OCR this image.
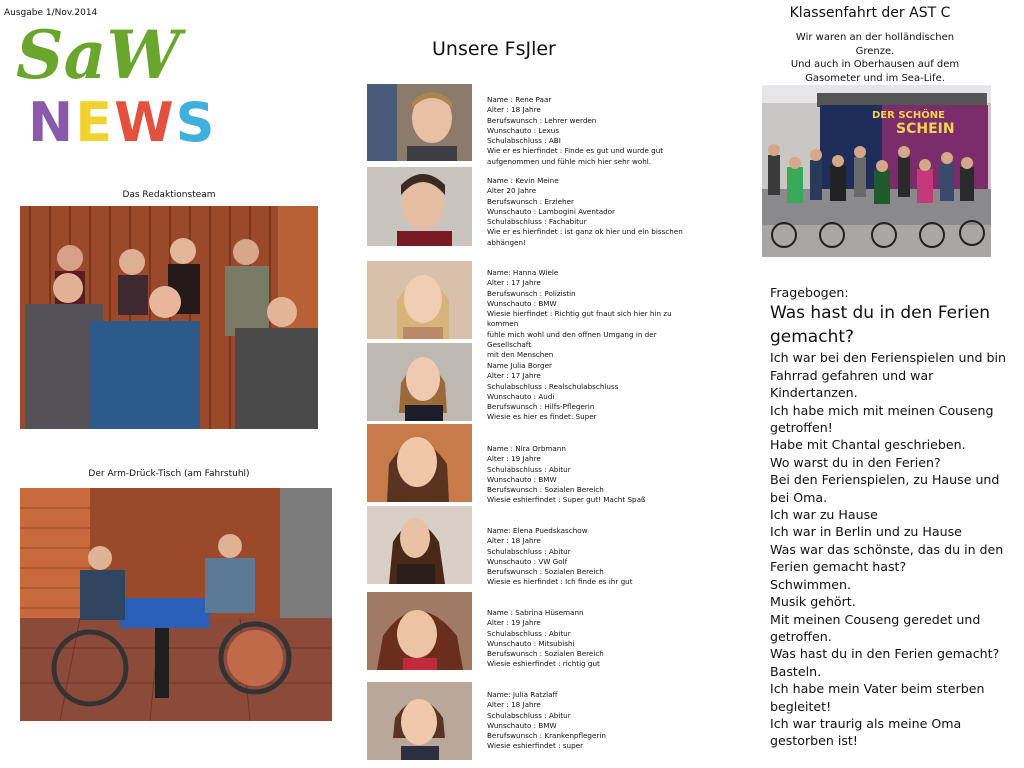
Ausgabe 1/Nov.2014
SaW
NEWS
Das Redaktionsteam
Der Arm-Drück-Tisch (am Fahrstuhl)
Unsere FsJler
Name : Rene Paar
Alter : 18 Jahre
Berufswunsch : Lehrer werden
Wunschauto : Lexus
Schulabschluss : ABI
Wie er es hierfindet : Finde es gut und wurde gut
aufgenommen und fühle mich hier sehr wohl.
Name : Kevin Meine
Alter 20 Jahre
Berufswunsch : Erzieher
Wunschauto : Lambogini Aventador
Schulabschluss : Fachabitur
Wie er es hierfindet : ist ganz ok hier und ein bisschen
abhängen!
Name: Hanna Wiele
Alter : 17 Jahre
Berufswunsch : Polizistin
Wunschauto : BMW
Wiesie hierfindet : Richtig gut fnaut sich hier hin zu kommen
fühle mich wohl und den offnen Umgang in der Gesellschaft
mit den Menschen
Name Julia Borger
Alter : 17 Jahre
Schulabschluss : Realschulabschluss
Wunschauto : Audi
Berufswunsch : Hilfs-Pflegerin
Wiesie es hier es findet: Super
Name : Nira Orbmann
Alter : 19 Jahre
Schulabschluss : Abitur
Wunschauto : BMW
Berufswunsch : Sozialen Bereich
Wiesie eshierfindet : Super gut! Macht Spaß
Name: Elena Puedskaschow
Alter : 18 Jahre
Schulabschluss : Abitur
Wunschauto : VW Golf
Berufswunsch : Sozialen Bereich
Wiesie es hierfindet : Ich finde es ihr gut
Name : Sabrina Hüsemann
Alter : 19 Jahre
Schulabschluss : Abitur
Wunschauto : Mitsubishi
Berufswunsch : Sozialen Bereich
Wiesie eshierfindet : richtig gut
Name: Julia Ratzlaff
Alter : 18 Jahre
Schulabschluss : Abitur
Wunschauto : BMW
Berufswunsch : Krankenpflegerin
Wiesie eshierfindet : super
Klassenfahrt der AST C
Wir waren an der holländischen
Grenze.
Und auch in Oberhausen auf dem
Gasometer und im Sea-Life.
DER SCHÖNE
SCHEIN
Fragebogen:
Was hast du in den Ferien gemacht?
Ich war bei den Ferienspielen und bin Fahrrad gefahren und war Kindertanzen.
Ich habe mich mit meinen Couseng getroffen!
Habe mit Chantal geschrieben.
Wo warst du in den Ferien?
Bei den Ferienspielen, zu Hause und bei Oma.
Ich war zu Hause
Ich war in Berlin und zu Hause
Was war das schönste, das du in den Ferien gemacht hast?
Schwimmen.
Musik gehört.
Mit meinen Couseng geredet und getroffen.
Was hast du in den Ferien gemacht?
Basteln.
Ich habe mein Vater beim sterben begleitet!
Ich war traurig als meine Oma gestorben ist!
